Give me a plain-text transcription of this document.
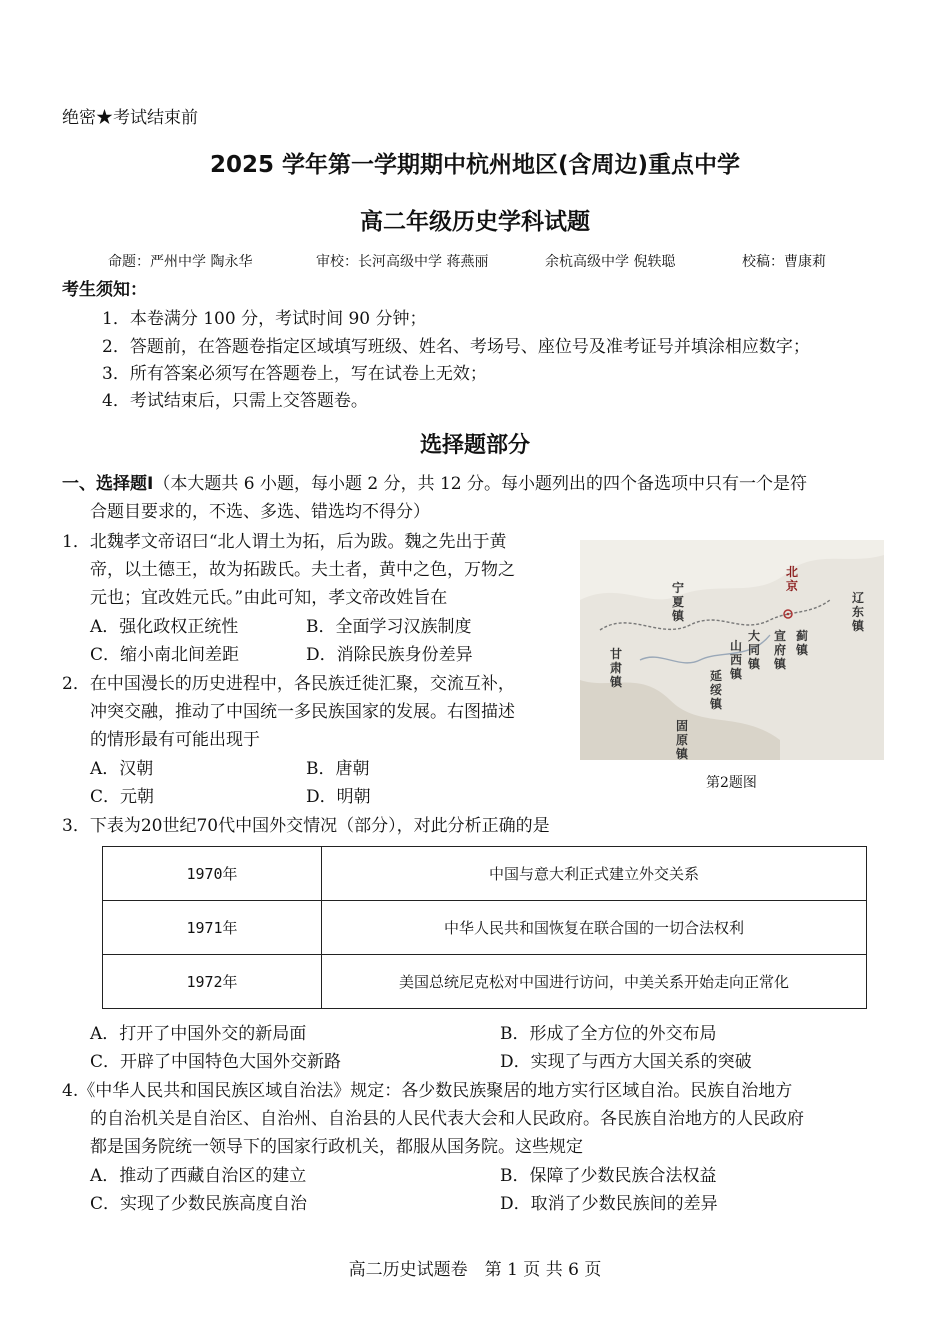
绝密★考试结束前
2025 学年第一学期期中杭州地区(含周边)重点中学
高二年级历史学科试题
命题：严州中学 陶永华	审校：长河高级中学 蒋燕丽	余杭高级中学 倪轶聪	校稿：曹康莉
考生须知：
1．本卷满分 100 分，考试时间 90 分钟；
2．答题前，在答题卷指定区域填写班级、姓名、考场号、座位号及准考证号并填涂相应数字；
3．所有答案必须写在答题卷上，写在试卷上无效；
4．考试结束后，只需上交答题卷。
选择题部分
一、选择题Ⅰ（本大题共 6 小题，每小题 2 分，共 12 分。每小题列出的四个备选项中只有一个是符
合题目要求的，不选、多选、错选均不得分）
1．北魏孝文帝诏曰“北人谓土为拓，后为跋。魏之先出于黄
帝，以土德王，故为拓跋氏。夫土者，黄中之色，万物之
元也；宜改姓元氏。”由此可知，孝文帝改姓旨在
A．强化政权正统性	B．全面学习汉族制度
C．缩小南北间差距	D．消除民族身份差异
2．在中国漫长的历史进程中，各民族迁徙汇聚，交流互补，
冲突交融，推动了中国统一多民族国家的发展。右图描述
的情形最有可能出现于
A．汉朝	B．唐朝
C．元朝	D．明朝
北京
辽东镇
宁夏镇
甘肃镇
山西镇
大同镇
宣府镇
蓟镇
延绥镇
固原镇
第2题图
3．下表为20世纪70代中国外交情况（部分），对此分析正确的是
1970年	中国与意大利正式建立外交关系
1971年	中华人民共和国恢复在联合国的一切合法权利
1972年	美国总统尼克松对中国进行访问，中美关系开始走向正常化
A．打开了中国外交的新局面	B．形成了全方位的外交布局
C．开辟了中国特色大国外交新路	D．实现了与西方大国关系的突破
4.《中华人民共和国民族区域自治法》规定：各少数民族聚居的地方实行区域自治。民族自治地方
的自治机关是自治区、自治州、自治县的人民代表大会和人民政府。各民族自治地方的人民政府
都是国务院统一领导下的国家行政机关，都服从国务院。这些规定
A．推动了西藏自治区的建立	B．保障了少数民族合法权益
C．实现了少数民族高度自治	D．取消了少数民族间的差异
高二历史试题卷　第 1 页 共 6 页
